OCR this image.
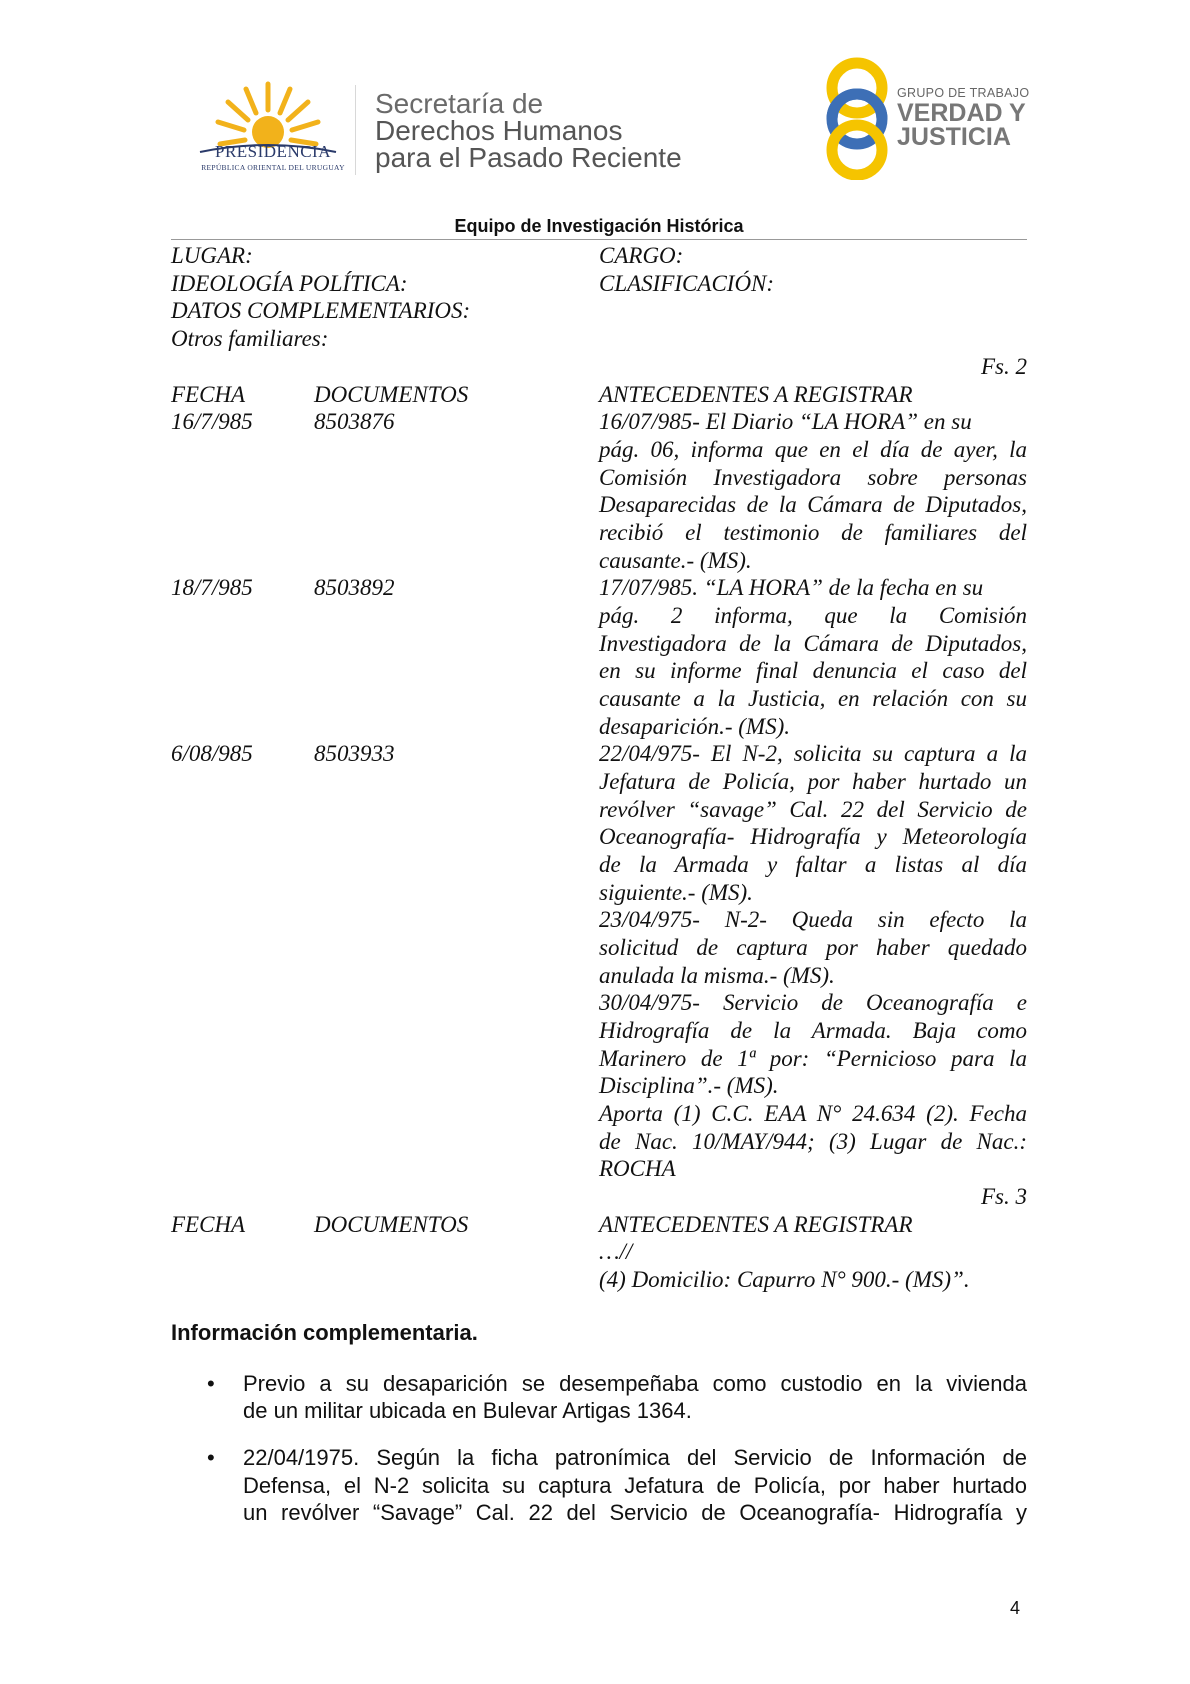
PRESIDENCIA
REPÚBLICA ORIENTAL DEL URUGUAY
Secretaría de
Derechos Humanos
para el Pasado Reciente
GRUPO DE TRABAJO
VERDAD Y
JUSTICIA
Equipo de Investigación Histórica
LUGAR:	CARGO:
IDEOLOGÍA POLÍTICA:	CLASIFICACIÓN:
DATOS COMPLEMENTARIOS:
Otros familiares:
Fs. 2
FECHA	DOCUMENTOS	ANTECEDENTES A REGISTRAR
16/7/985	8503876	16/07/985- El Diario “LA HORA” en su
pág. 06, informa que en el día de ayer, la
Comisión Investigadora sobre personas
Desaparecidas de la Cámara de Diputados,
recibió el testimonio de familiares del
causante.- (MS).
18/7/985	8503892	17/07/985. “LA HORA” de la fecha en su
pág. 2 informa, que la Comisión
Investigadora de la Cámara de Diputados,
en su informe final denuncia el caso del
causante a la Justicia, en relación con su
desaparición.- (MS).
6/08/985	8503933	22/04/975- El N-2, solicita su captura a la
Jefatura de Policía, por haber hurtado un
revólver “savage” Cal. 22 del Servicio de
Oceanografía- Hidrografía y Meteorología
de la Armada y faltar a listas al día
siguiente.- (MS).
23/04/975- N-2- Queda sin efecto la
solicitud de captura por haber quedado
anulada la misma.- (MS).
30/04/975- Servicio de Oceanografía e
Hidrografía de la Armada. Baja como
Marinero de 1ª por: “Pernicioso para la
Disciplina”.- (MS).
Aporta (1) C.C. EAA N° 24.634 (2). Fecha
de Nac. 10/MAY/944; (3) Lugar de Nac.:
ROCHA
Fs. 3
FECHA	DOCUMENTOS	ANTECEDENTES A REGISTRAR
…//
(4) Domicilio: Capurro N° 900.- (MS)”.
Información complementaria.
• Previo a su desaparición se desempeñaba como custodio en la vivienda
de un militar ubicada en Bulevar Artigas 1364.
• 22/04/1975. Según la ficha patronímica del Servicio de Información de
Defensa, el N-2 solicita su captura Jefatura de Policía, por haber hurtado
un revólver “Savage” Cal. 22 del Servicio de Oceanografía- Hidrografía y
4
